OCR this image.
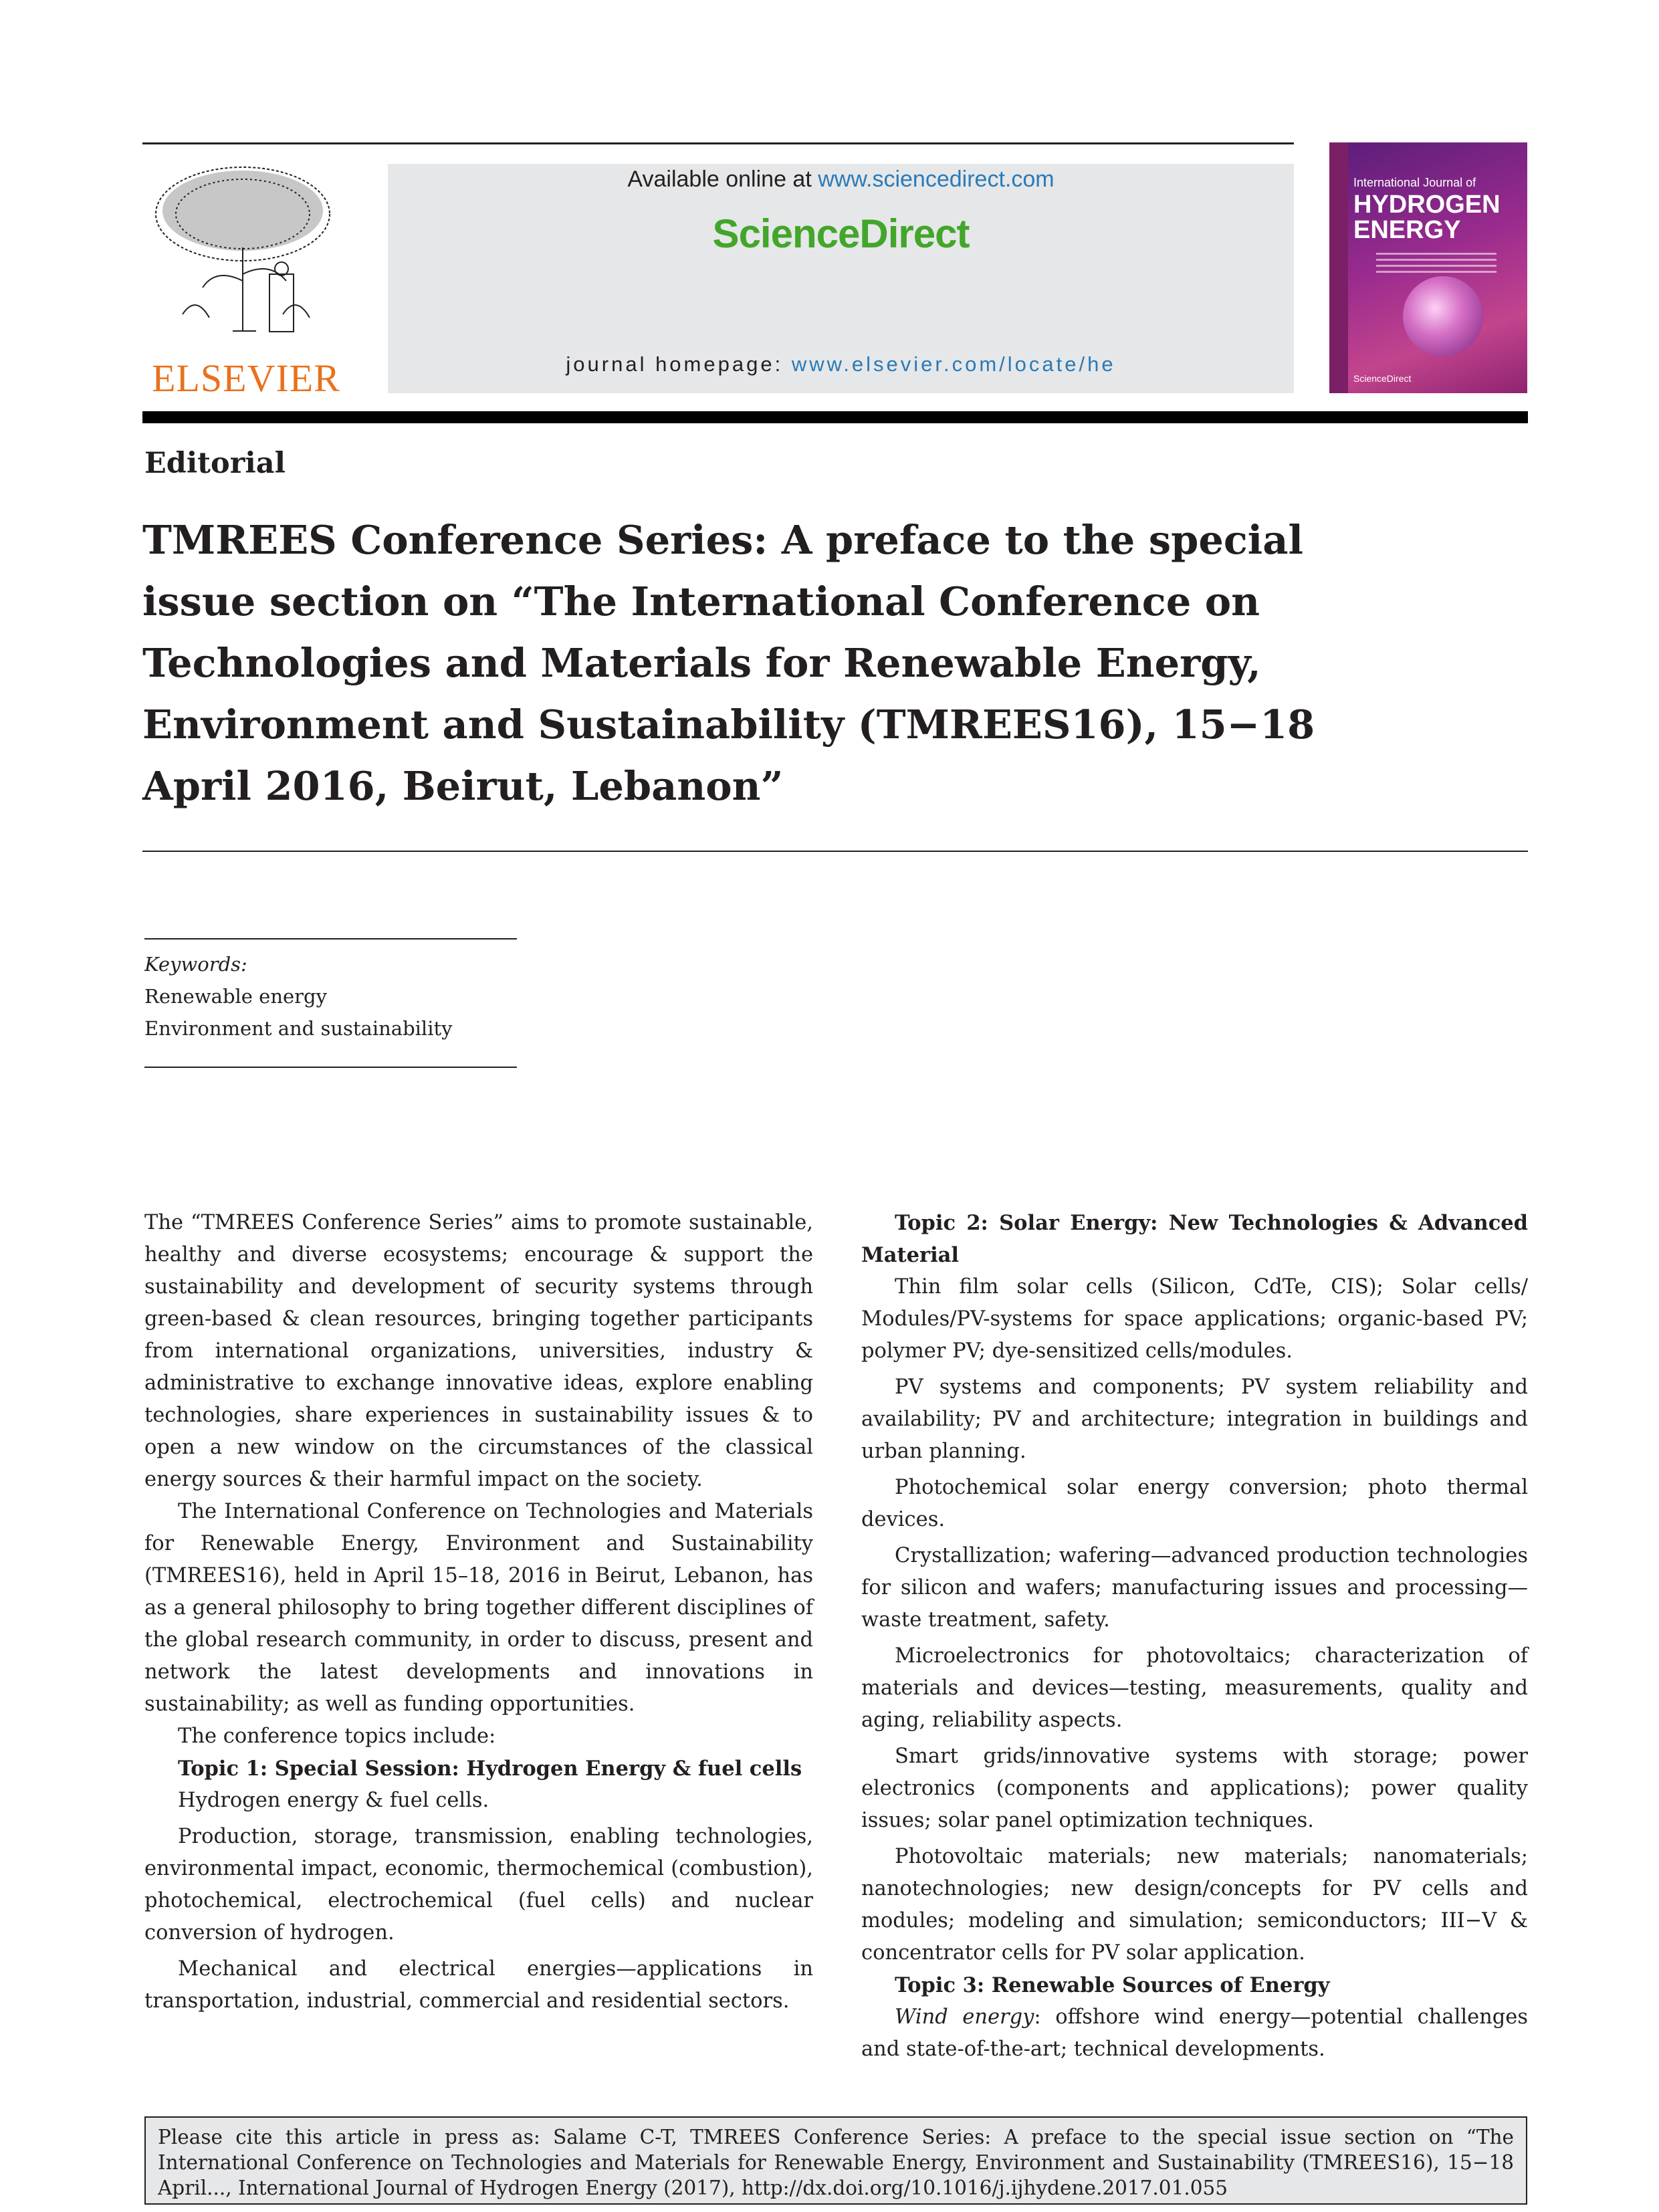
ELSEVIER
Available online at www.sciencedirect.com
ScienceDirect
journal homepage: www.elsevier.com/locate/he
International Journal of
HYDROGEN
ENERGY
ScienceDirect
Editorial
TMREES Conference Series: A preface to the special
issue section on “The International Conference on
Technologies and Materials for Renewable Energy,
Environment and Sustainability (TMREES16), 15−18
April 2016, Beirut, Lebanon”
Keywords:
Renewable energy
Environment and sustainability

The “TMREES Conference Series” aims to promote sustainable, healthy and diverse ecosystems; encourage & support the sustainability and development of security systems through green-based & clean resources, bringing together participants from international organizations, universities, industry & administrative to exchange innovative ideas, explore enabling technologies, share experiences in sustainability issues & to open a new window on the circumstances of the classical energy sources & their harmful impact on the society.

The International Conference on Technologies and Materials for Renewable Energy, Environment and Sustainability (TMREES16), held in April 15–18, 2016 in Beirut, Lebanon, has as a general philosophy to bring together different disciplines of the global research community, in order to discuss, present and network the latest developments and innovations in sustainability; as well as funding opportunities.

The conference topics include:

Topic 1: Special Session: Hydrogen Energy & fuel cells

Hydrogen energy & fuel cells.

Production, storage, transmission, enabling technologies, environmental impact, economic, thermochemical (combustion), photochemical, electrochemical (fuel cells) and nuclear conversion of hydrogen.

Mechanical and electrical energies—applications in transportation, industrial, commercial and residential sectors.

Topic 2: Solar Energy: New Technologies & Advanced Material

Thin film solar cells (Silicon, CdTe, CIS); Solar cells/ Modules/PV-systems for space applications; organic-based PV; polymer PV; dye-sensitized cells/modules.

PV systems and components; PV system reliability and availability; PV and architecture; integration in buildings and urban planning.

Photochemical solar energy conversion; photo thermal devices.

Crystallization; wafering—advanced production technologies for silicon and wafers; manufacturing issues and processing—waste treatment, safety.

Microelectronics for photovoltaics; characterization of materials and devices—testing, measurements, quality and aging, reliability aspects.

Smart grids/innovative systems with storage; power electronics (components and applications); power quality issues; solar panel optimization techniques.

Photovoltaic materials; new materials; nanomaterials; nanotechnologies; new design/concepts for PV cells and modules; modeling and simulation; semiconductors; III−V & concentrator cells for PV solar application.

Topic 3: Renewable Sources of Energy

Wind energy: offshore wind energy—potential challenges and state-of-the-art; technical developments.

Please cite this article in press as: Salame C-T, TMREES Conference Series: A preface to the special issue section on “The International Conference on Technologies and Materials for Renewable Energy, Environment and Sustainability (TMREES16), 15−18 April..., International Journal of Hydrogen Energy (2017), http://dx.doi.org/10.1016/j.ijhydene.2017.01.055
